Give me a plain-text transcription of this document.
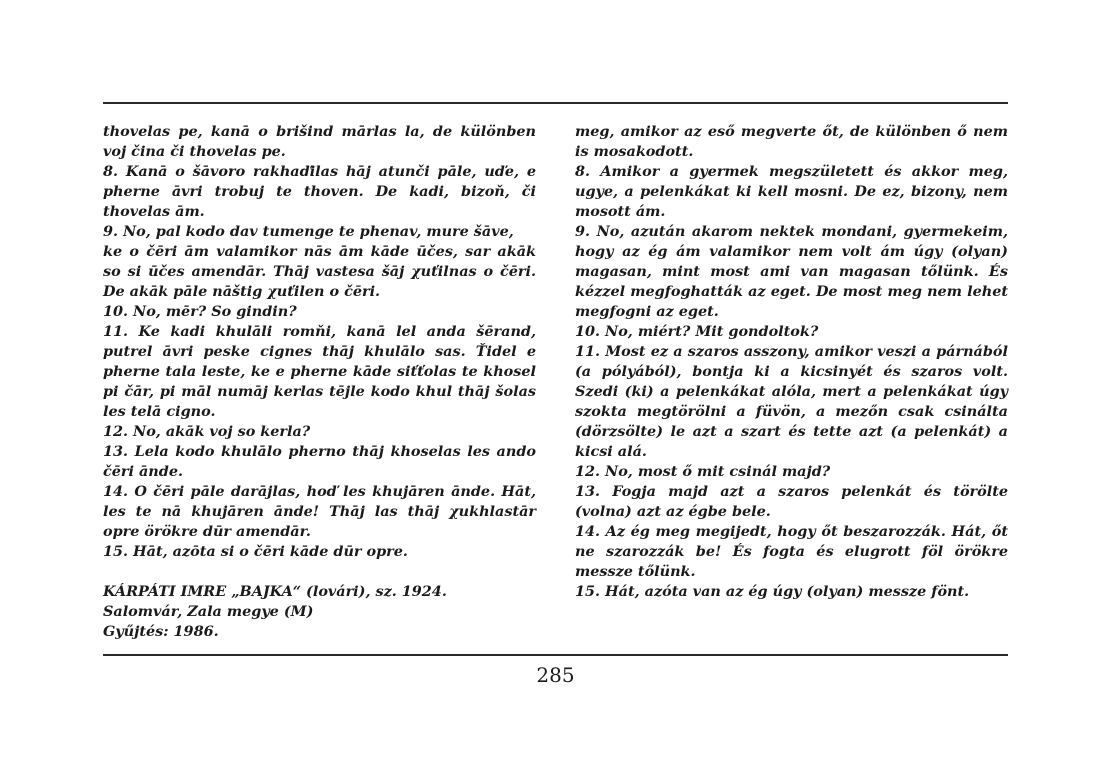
thovelas pe, kanā o brišind mārlas la, de különben voj čina či thovelas pe.

8. Kanā o šāvoro rakhaďilas hāj atunči pāle, uďe, e pherne āvri trobuj te thoven. De kadi, bizoň, či thovelas ām.

9. No, pal kodo dav tumenge te phenav, mure šāve,

ke o čēri ām valamikor nās ām kāde ūčes, sar akāk so si ūčes amendār. Thāj vastesa šāj χuťilnas o čēri. De akāk pāle nāštig χuťilen o čēri.

10. No, mēr? So gindin?

11. Ke kadi khulāli romňi, kanā lel anda šērand, putrel āvri peske cignes thāj khulālo sas. Ťidel e pherne tala leste, ke e pherne kāde siťťolas te khosel pi čār, pi māl numāj kerlas tējle kodo khul thāj šolas les telā cigno.

12. No, akāk voj so kerla?

13. Lela kodo khulālo pherno thāj khoselas les ando čēri ānde.

14. O čēri pāle darājlas, hoď les khujāren ānde. Hāt, les te nā khujāren ānde! Thāj las thāj χukhlastār opre örökre dūr amendār.

15. Hāt, azōta si o čēri kāde dūr opre.

KÁRPÁTI IMRE „BAJKA“ (lovári), sz. 1924.
Salomvár, Zala megye (M)
Gyűjtés: 1986.

meg, amikor az eső megverte őt, de különben ő nem is mosakodott.

8. Amikor a gyermek megszületett és akkor meg, ugye, a pelenkákat ki kell mosni. De ez, bizony, nem mosott ám.

9. No, azután akarom nektek mondani, gyermekeim, hogy az ég ám valamikor nem volt ám úgy (olyan) magasan, mint most ami van magasan tőlünk. És kézzel megfoghatták az eget. De most meg nem lehet megfogni az eget.

10. No, miért? Mit gondoltok?

11. Most ez a szaros asszony, amikor veszi a párnából (a pólyából), bontja ki a kicsinyét és szaros volt. Szedi (ki) a pelenkákat alóla, mert a pelenkákat úgy szokta megtörölni a füvön, a mezőn csak csinálta (dörzsölte) le azt a szart és tette azt (a pelenkát) a kicsi alá.

12. No, most ő mit csinál majd?

13. Fogja majd azt a szaros pelenkát és törölte (volna) azt az égbe bele.

14. Az ég meg megijedt, hogy őt beszarozzák. Hát, őt ne szarozzák be! És fogta és elugrott föl örökre messze tőlünk.

15. Hát, azóta van az ég úgy (olyan) messze fönt.

285
